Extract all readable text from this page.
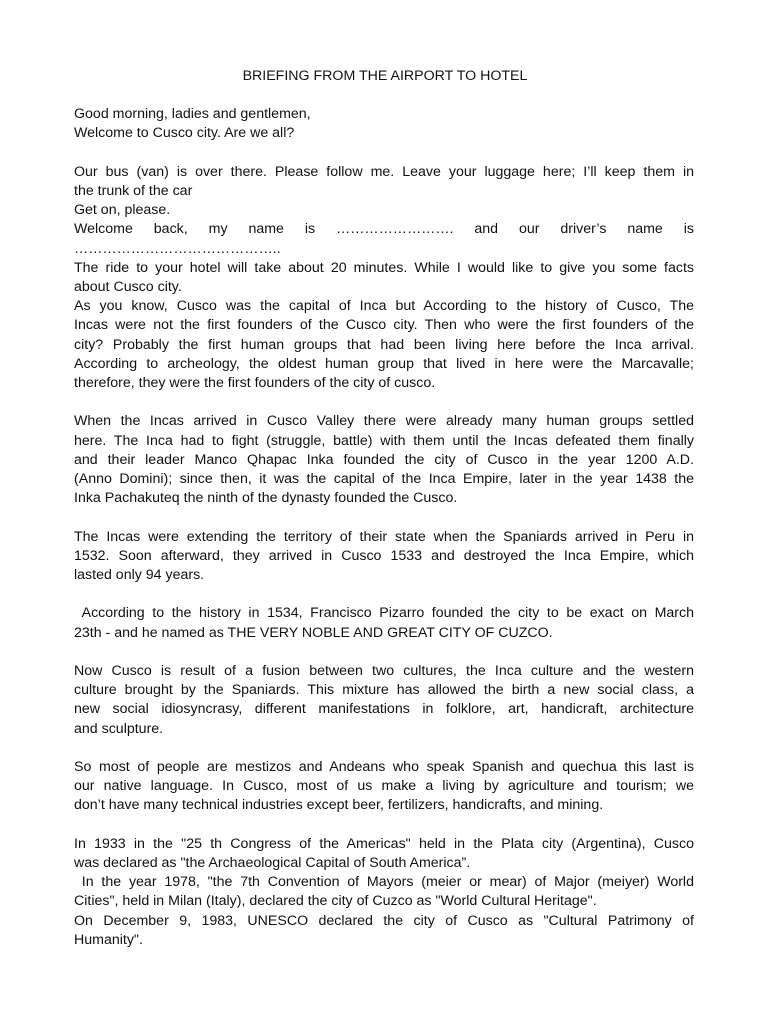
BRIEFING FROM THE AIRPORT TO HOTEL
Good morning, ladies and gentlemen,
Welcome to Cusco city. Are we all?
Our bus (van) is over there. Please follow me. Leave your luggage here; I’ll keep them in
the trunk of the car
Get on, please.
Welcome back, my name is ……………………. and our driver’s name is
……………………………………..
The ride to your hotel will take about 20 minutes. While I would like to give you some facts
about Cusco city.
As you know, Cusco was the capital of Inca but According to the history of Cusco, The
Incas were not the first founders of the Cusco city. Then who were the first founders of the
city? Probably the first human groups that had been living here before the Inca arrival.
According to archeology, the oldest human group that lived in here were the Marcavalle;
therefore, they were the first founders of the city of cusco.
When the Incas arrived in Cusco Valley there were already many human groups settled
here. The Inca had to fight (struggle, battle) with them until the Incas defeated them finally
and their leader Manco Qhapac Inka founded the city of Cusco in the year 1200 A.D.
(Anno Domini); since then, it was the capital of the Inca Empire, later in the year 1438 the
Inka Pachakuteq the ninth of the dynasty founded the Cusco.
The Incas were extending the territory of their state when the Spaniards arrived in Peru in
1532. Soon afterward, they arrived in Cusco 1533 and destroyed the Inca Empire, which
lasted only 94 years.
According to the history in 1534, Francisco Pizarro founded the city to be exact on March
23th - and he named as THE VERY NOBLE AND GREAT CITY OF CUZCO.
Now Cusco is result of a fusion between two cultures, the Inca culture and the western
culture brought by the Spaniards. This mixture has allowed the birth a new social class, a
new social idiosyncrasy, different manifestations in folklore, art, handicraft, architecture
and sculpture.
So most of people are mestizos and Andeans who speak Spanish and quechua this last is
our native language. In Cusco, most of us make a living by agriculture and tourism; we
don’t have many technical industries except beer, fertilizers, handicrafts, and mining.
In 1933 in the "25 th Congress of the Americas" held in the Plata city (Argentina), Cusco
was declared as "the Archaeological Capital of South America”.
In the year 1978, "the 7th Convention of Mayors (meier or mear) of Major (meiyer) World
Cities", held in Milan (Italy), declared the city of Cuzco as "World Cultural Heritage".
On December 9, 1983, UNESCO declared the city of Cusco as "Cultural Patrimony of
Humanity".
